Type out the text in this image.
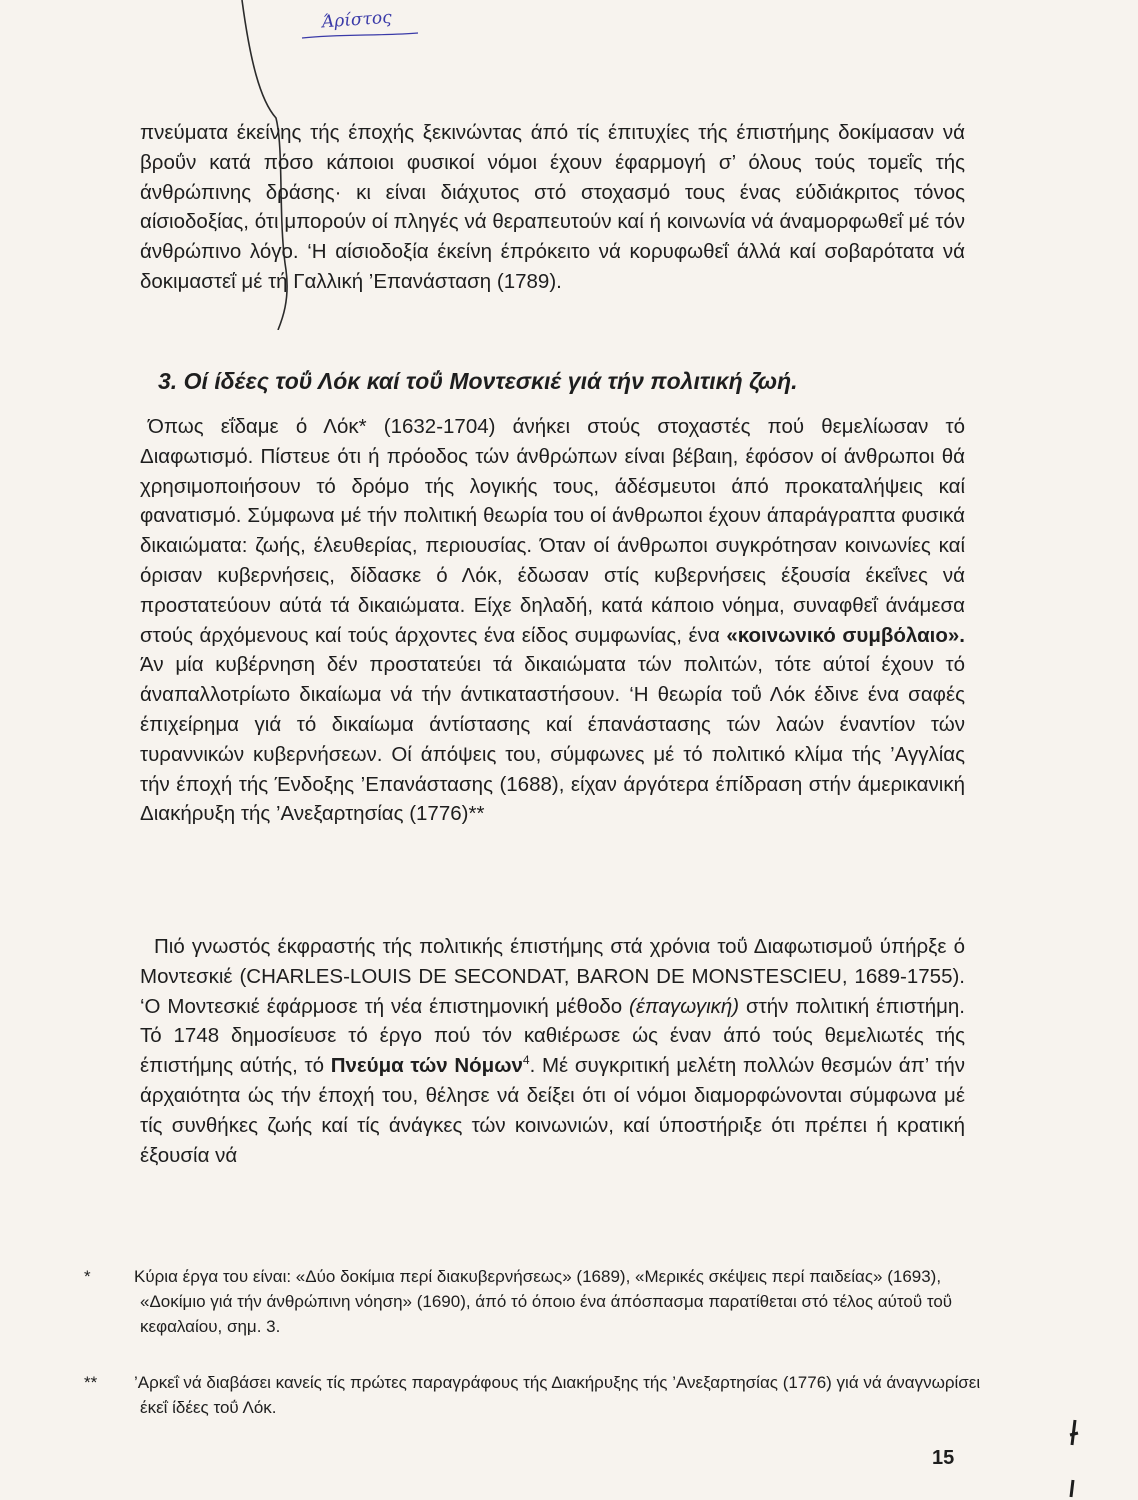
Άρίστος

πνεύματα έκείνης τής έποχής ξεκινώντας άπό τίς έπιτυχίες τής έπιστήμης δοκίμασαν νά βροΰν κατά πόσο κάποιοι φυσικοί νόμοι έχουν έφαρμογή σ’ όλους τούς τομεΐς τής άνθρώπινης δράσης· κι είναι διάχυτος στό στοχασμό τους ένας εύδιάκριτος τόνος αίσιοδοξίας, ότι μπορούν οί πληγές νά θεραπευτούν καί ή κοινωνία νά άναμορφωθεΐ μέ τόν άνθρώπινο λόγο. ‘Η αίσιοδοξία έκείνη έπρόκειτο νά κορυφωθεΐ άλλά καί σοβαρότατα νά δοκιμαστεΐ μέ τή Γαλλική ’Επανάσταση (1789).

3. Οί ίδέες τοΰ Λόκ καί τοΰ Μοντεσκιέ γιά τήν πολιτική ζωή.

Όπως εΐδαμε ό Λόκ* (1632-1704) άνήκει στούς στοχαστές πού θεμελίωσαν τό Διαφωτισμό. Πίστευε ότι ή πρόοδος τών άνθρώπων είναι βέβαιη, έφόσον οί άνθρωποι θά χρησιμοποιήσουν τό δρόμο τής λογικής τους, άδέσμευτοι άπό προκαταλήψεις καί φανατισμό. Σύμφωνα μέ τήν πολιτική θεωρία του οί άνθρωποι έχουν άπαράγραπτα φυσικά δικαιώματα: ζωής, έλευθερίας, περιουσίας. Όταν οί άνθρωποι συγκρότησαν κοινωνίες καί όρισαν κυβερνήσεις, δίδασκε ό Λόκ, έδωσαν στίς κυβερνήσεις έξουσία έκεΐνες νά προστατεύουν αύτά τά δικαιώματα. Είχε δηλαδή, κατά κάποιο νόημα, συναφθεΐ άνάμεσα στούς άρχόμενους καί τούς άρχοντες ένα είδος συμφωνίας, ένα «κοινωνικό συμβόλαιο». Άν μία κυβέρνηση δέν προστατεύει τά δικαιώματα τών πολιτών, τότε αύτοί έχουν τό άναπαλλοτρίωτο δικαίωμα νά τήν άντικαταστήσουν. ‘Η θεωρία τοΰ Λόκ έδινε ένα σαφές έπιχείρημα γιά τό δικαίωμα άντίστασης καί έπανάστασης τών λαών έναντίον τών τυραννικών κυβερνήσεων. Οί άπόψεις του, σύμφωνες μέ τό πολιτικό κλίμα τής ’Αγγλίας τήν έποχή τής Ένδοξης ’Επανάστασης (1688), είχαν άργότερα έπίδραση στήν άμερικανική Διακήρυξη τής ’Ανεξαρτησίας (1776)**

Πιό γνωστός έκφραστής τής πολιτικής έπιστήμης στά χρόνια τοΰ Διαφωτισμοΰ ύπήρξε ό Μοντεσκιέ (CHARLES-LOUIS DE SECONDAT, BARON DE MONSTESCIEU, 1689-1755). ‘Ο Μοντεσκιέ έφάρμοσε τή νέα έπιστημονική μέθοδο (έπαγωγική) στήν πολιτική έπιστήμη. Τό 1748 δημοσίευσε τό έργο πού τόν καθιέρωσε ώς έναν άπό τούς θεμελιωτές τής έπιστήμης αύτής, τό Πνεύμα τών Νόμων$^4$. Μέ συγκριτική μελέτη πολλών θεσμών άπ’ τήν άρχαιότητα ώς τήν έποχή του, θέλησε νά δείξει ότι οί νόμοι διαμορφώνονται σύμφωνα μέ τίς συνθήκες ζωής καί τίς άνάγκες τών κοινωνιών, καί ύποστήριξε ότι πρέπει ή κρατική έξουσία νά

*	Κύρια έργα του είναι: «Δύο δοκίμια περί διακυβερνήσεως» (1689), «Μερικές σκέψεις περί παιδείας» (1693), «Δοκίμιο γιά τήν άνθρώπινη νόηση» (1690), άπό τό όποιο ένα άπόσπασμα παρατίθεται στό τέλος αύτοΰ τοΰ κεφαλαίου, σημ. 3.

** ’Αρκεΐ νά διαβάσει κανείς τίς πρώτες παραγράφους τής Διακήρυξης τής ’Ανεξαρτησίας (1776) γιά νά άναγνωρίσει έκεΐ ίδέες τοΰ Λόκ.

15
